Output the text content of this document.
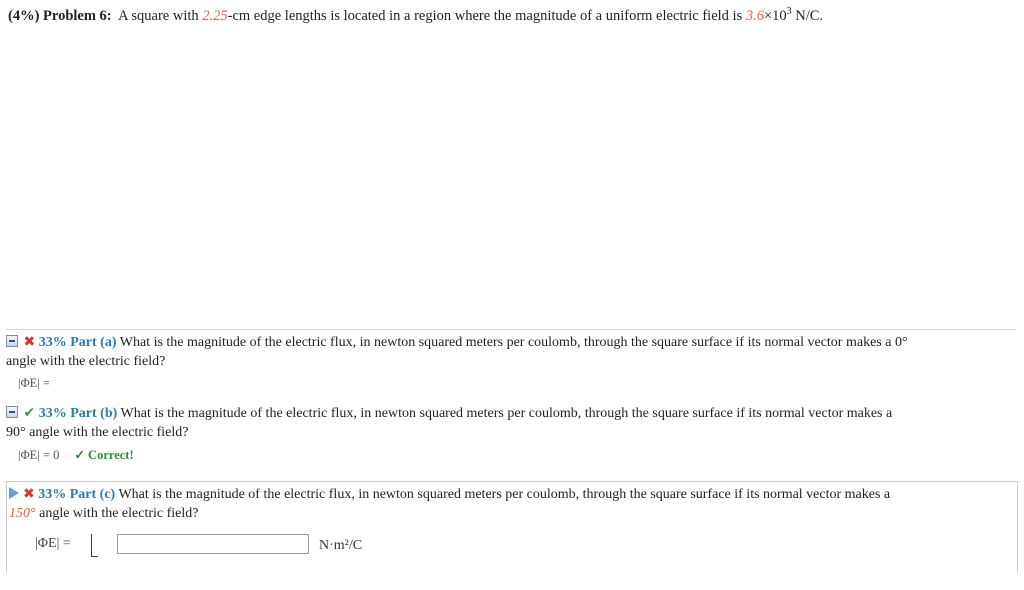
(4%) Problem 6: A square with 2.25-cm edge lengths is located in a region where the magnitude of a uniform electric field is $3.6\times 10^3$ N/C.
✖ 33% Part (a) What is the magnitude of the electric flux, in newton squared meters per coulomb, through the square surface if its normal vector makes a 0°
angle with the electric field?
|ΦE| =
✔ 33% Part (b) What is the magnitude of the electric flux, in newton squared meters per coulomb, through the square surface if its normal vector makes a
90° angle with the electric field?
|ΦE| = 0 ✓ Correct!
✖ 33% Part (c) What is the magnitude of the electric flux, in newton squared meters per coulomb, through the square surface if its normal vector makes a
150° angle with the electric field?
|ΦE| =	N·m²/C
